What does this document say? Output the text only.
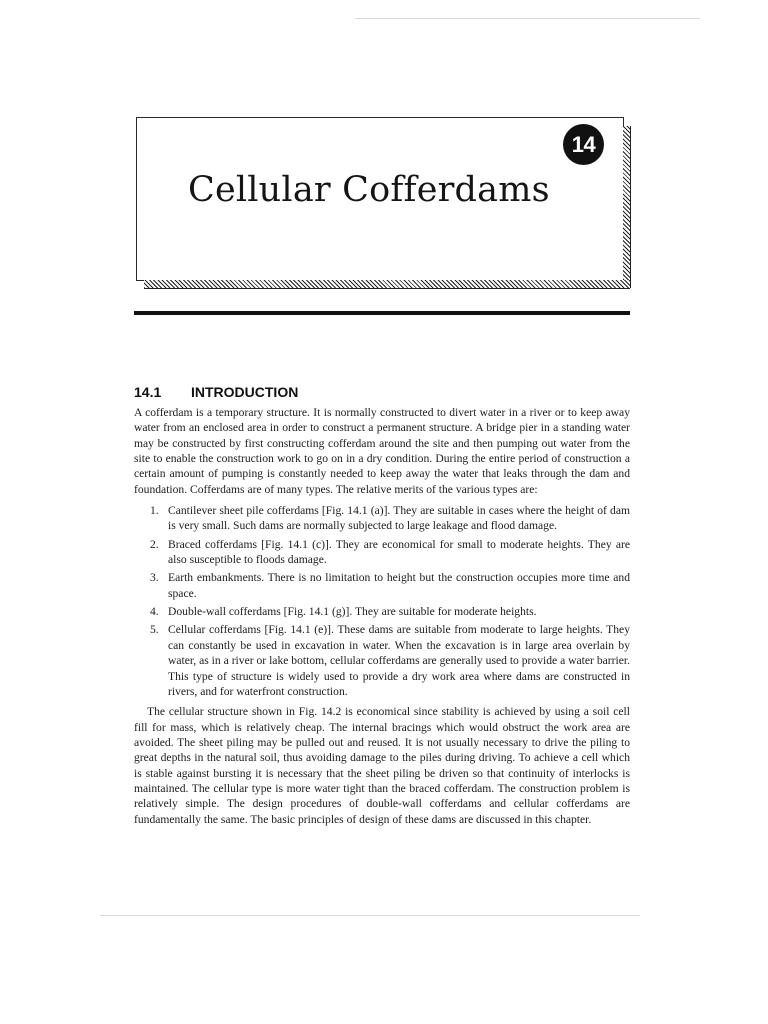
14
Cellular Cofferdams
14.1 INTRODUCTION

A cofferdam is a temporary structure. It is normally constructed to divert water in a river or to keep away water from an enclosed area in order to construct a permanent structure. A bridge pier in a standing water may be constructed by first constructing cofferdam around the site and then pumping out water from the site to enable the construction work to go on in a dry condition. During the entire period of construction a certain amount of pumping is constantly needed to keep away the water that leaks through the dam and foundation. Cofferdams are of many types. The relative merits of the various types are:

1. Cantilever sheet pile cofferdams [Fig. 14.1 (a)]. They are suitable in cases where the height of dam is very small. Such dams are normally subjected to large leakage and flood damage.
2. Braced cofferdams [Fig. 14.1 (c)]. They are economical for small to moderate heights. They are also susceptible to floods damage.
3. Earth embankments. There is no limitation to height but the construction occupies more time and space.
4. Double-wall cofferdams [Fig. 14.1 (g)]. They are suitable for moderate heights.
5. Cellular cofferdams [Fig. 14.1 (e)]. These dams are suitable from moderate to large heights. They can constantly be used in excavation in water. When the excavation is in large area overlain by water, as in a river or lake bottom, cellular cofferdams are generally used to provide a water barrier. This type of structure is widely used to provide a dry work area where dams are constructed in rivers, and for waterfront construction.

The cellular structure shown in Fig. 14.2 is economical since stability is achieved by using a soil cell fill for mass, which is relatively cheap. The internal bracings which would obstruct the work area are avoided. The sheet piling may be pulled out and reused. It is not usually necessary to drive the piling to great depths in the natural soil, thus avoiding damage to the piles during driving. To achieve a cell which is stable against bursting it is necessary that the sheet piling be driven so that continuity of interlocks is maintained. The cellular type is more water tight than the braced cofferdam. The construction problem is relatively simple. The design procedures of double-wall cofferdams and cellular cofferdams are fundamentally the same. The basic principles of design of these dams are discussed in this chapter.
